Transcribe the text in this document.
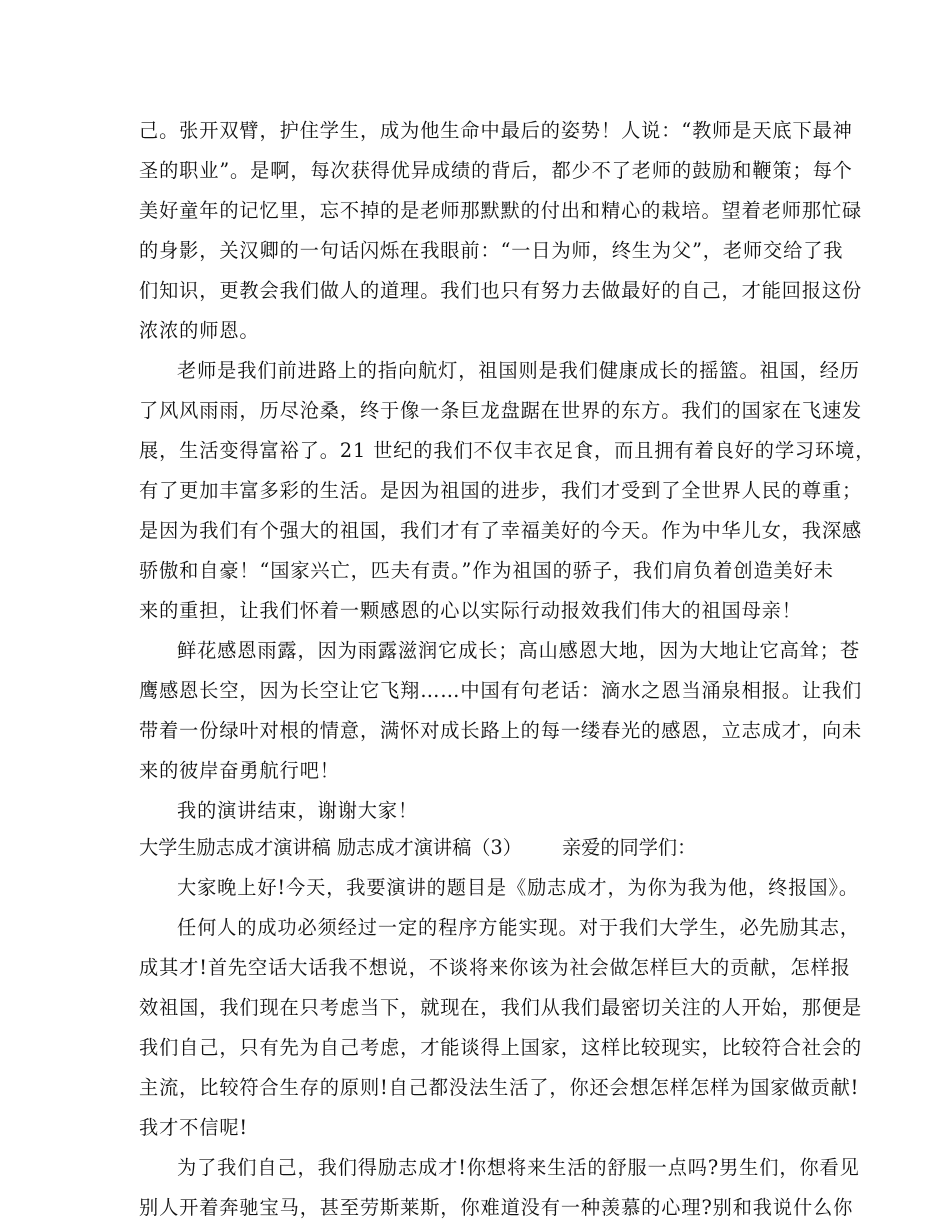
己。张开双臂，护住学生，成为他生命中最后的姿势！人说：“教师是天底下最神
圣的职业”。是啊，每次获得优异成绩的背后，都少不了老师的鼓励和鞭策；每个
美好童年的记忆里，忘不掉的是老师那默默的付出和精心的栽培。望着老师那忙碌
的身影，关汉卿的一句话闪烁在我眼前：“一日为师，终生为父”，老师交给了我
们知识，更教会我们做人的道理。我们也只有努力去做最好的自己，才能回报这份
浓浓的师恩。
老师是我们前进路上的指向航灯，祖国则是我们健康成长的摇篮。祖国，经历
了风风雨雨，历尽沧桑，终于像一条巨龙盘踞在世界的东方。我们的国家在飞速发
展，生活变得富裕了。21 世纪的我们不仅丰衣足食，而且拥有着良好的学习环境，
有了更加丰富多彩的生活。是因为祖国的进步，我们才受到了全世界人民的尊重；
是因为我们有个强大的祖国，我们才有了幸福美好的今天。作为中华儿女，我深感
骄傲和自豪！“国家兴亡，匹夫有责。”作为祖国的骄子，我们肩负着创造美好未
来的重担，让我们怀着一颗感恩的心以实际行动报效我们伟大的祖国母亲！
鲜花感恩雨露，因为雨露滋润它成长；高山感恩大地，因为大地让它高耸；苍
鹰感恩长空，因为长空让它飞翔……中国有句老话：滴水之恩当涌泉相报。让我们
带着一份绿叶对根的情意，满怀对成长路上的每一缕春光的感恩，立志成才，向未
来的彼岸奋勇航行吧！
我的演讲结束，谢谢大家！
大学生励志成才演讲稿 励志成才演讲稿（3） 亲爱的同学们：
大家晚上好!今天，我要演讲的题目是《励志成才，为你为我为他，终报国》。
任何人的成功必须经过一定的程序方能实现。对于我们大学生，必先励其志，
成其才!首先空话大话我不想说，不谈将来你该为社会做怎样巨大的贡献，怎样报
效祖国，我们现在只考虑当下，就现在，我们从我们最密切关注的人开始，那便是
我们自己，只有先为自己考虑，才能谈得上国家，这样比较现实，比较符合社会的
主流，比较符合生存的原则!自己都没法生活了，你还会想怎样怎样为国家做贡献!
我才不信呢!
为了我们自己，我们得励志成才!你想将来生活的舒服一点吗?男生们，你看见
别人开着奔驰宝马，甚至劳斯莱斯，你难道没有一种羡慕的心理?别和我说什么你
